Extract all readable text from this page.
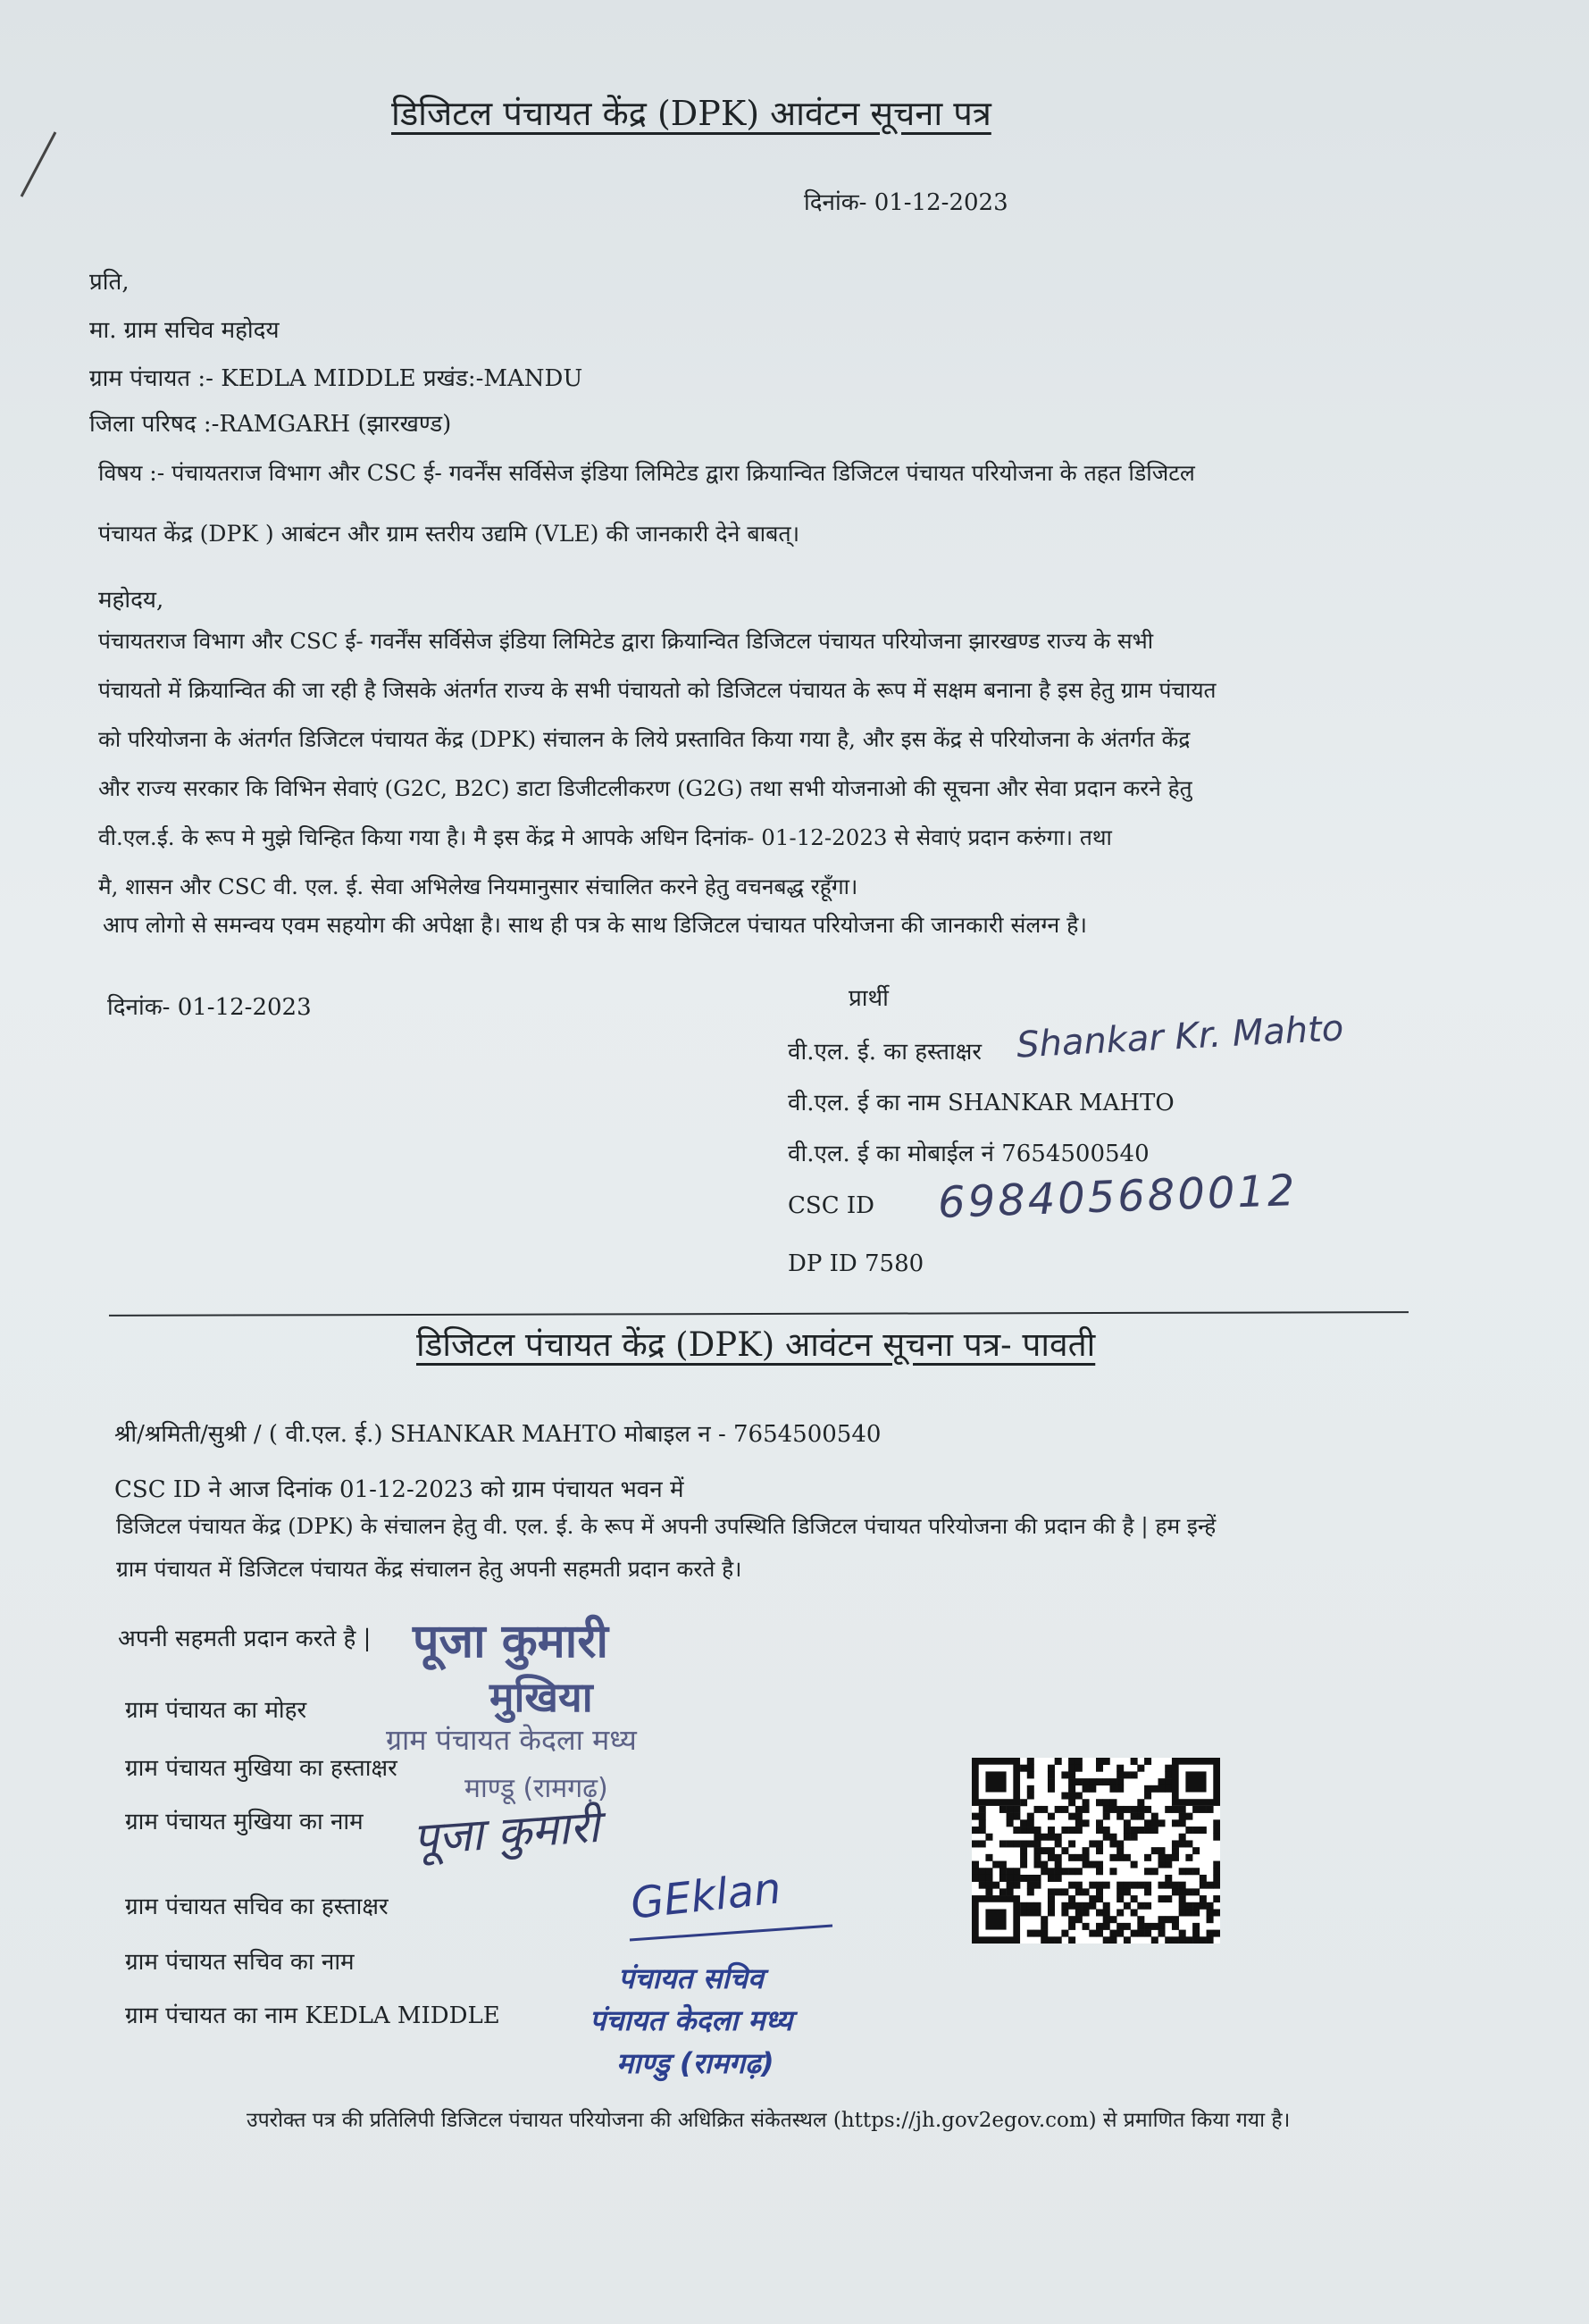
डिजिटल पंचायत केंद्र (DPK) आवंटन सूचना पत्र
दिनांक- 01-12-2023
प्रति,
मा. ग्राम सचिव महोदय
ग्राम पंचायत :- KEDLA MIDDLE प्रखंड:-MANDU
जिला परिषद :-RAMGARH (झारखण्ड)
विषय :- पंचायतराज विभाग और CSC ई- गवर्नेंस सर्विसेज इंडिया लिमिटेड द्वारा क्रियान्वित डिजिटल पंचायत परियोजना के तहत डिजिटल
पंचायत केंद्र (DPK ) आबंटन और ग्राम स्तरीय उद्यमि (VLE) की जानकारी देने बाबत्।
महोदय,
पंचायतराज विभाग और CSC ई- गवर्नेंस सर्विसेज इंडिया लिमिटेड द्वारा क्रियान्वित डिजिटल पंचायत परियोजना झारखण्ड राज्य के सभी
पंचायतो में क्रियान्वित की जा रही है जिसके अंतर्गत राज्य के सभी पंचायतो को डिजिटल पंचायत के रूप में सक्षम बनाना है इस हेतु ग्राम पंचायत
को परियोजना के अंतर्गत डिजिटल पंचायत केंद्र (DPK) संचालन के लिये प्रस्तावित किया गया है, और इस केंद्र से परियोजना के अंतर्गत केंद्र
और राज्य सरकार कि विभिन सेवाएं (G2C, B2C) डाटा डिजीटलीकरण (G2G) तथा सभी योजनाओ की सूचना और सेवा प्रदान करने हेतु
वी.एल.ई. के रूप मे मुझे चिन्हित किया गया है। मै इस केंद्र मे आपके अधिन दिनांक- 01-12-2023 से सेवाएं प्रदान करुंगा। तथा
मै, शासन और CSC वी. एल. ई. सेवा अभिलेख नियमानुसार संचालित करने हेतु वचनबद्ध रहूँगा।
आप लोगो से समन्वय एवम सहयोग की अपेक्षा है। साथ ही पत्र के साथ डिजिटल पंचायत परियोजना की जानकारी संलग्न है।
दिनांक- 01-12-2023	प्रार्थी
वी.एल. ई. का हस्ताक्षर Shankar Kr. Mahto
वी.एल. ई का नाम SHANKAR MAHTO
वी.एल. ई का मोबाईल नं 7654500540
CSC ID 698405680012
DP ID 7580
डिजिटल पंचायत केंद्र (DPK) आवंटन सूचना पत्र- पावती
श्री/श्रमिती/सुश्री / ( वी.एल. ई.) SHANKAR MAHTO मोबाइल न - 7654500540
CSC ID ने आज दिनांक 01-12-2023 को ग्राम पंचायत भवन में
डिजिटल पंचायत केंद्र (DPK) के संचालन हेतु वी. एल. ई. के रूप में अपनी उपस्थिति डिजिटल पंचायत परियोजना की प्रदान की है | हम इन्हें
ग्राम पंचायत में डिजिटल पंचायत केंद्र संचालन हेतु अपनी सहमती प्रदान करते है।
अपनी सहमती प्रदान करते है |
ग्राम पंचायत का मोहर
ग्राम पंचायत मुखिया का हस्ताक्षर
ग्राम पंचायत मुखिया का नाम
ग्राम पंचायत सचिव का हस्ताक्षर
ग्राम पंचायत सचिव का नाम
ग्राम पंचायत का नाम KEDLA MIDDLE
पूजा कुमारी
मुखिया
ग्राम पंचायत केदला मध्य
माण्डू (रामगढ़)
पूजा कुमारी
GEklan
पंचायत सचिव
पंचायत केदला मध्य
माण्डु (रामगढ़)
उपरोक्त पत्र की प्रतिलिपी डिजिटल पंचायत परियोजना की अधिक्रित संकेतस्थल (https://jh.gov2egov.com) से प्रमाणित किया गया है।
